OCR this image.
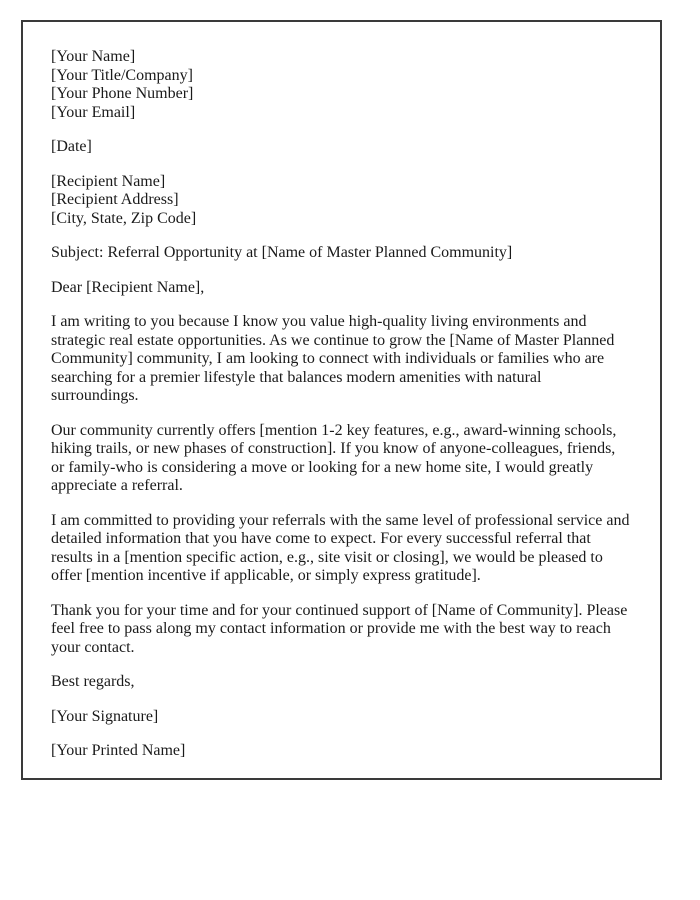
[Your Name]
[Your Title/Company]
[Your Phone Number]
[Your Email]
[Date]
[Recipient Name]
[Recipient Address]
[City, State, Zip Code]
Subject: Referral Opportunity at [Name of Master Planned Community]
Dear [Recipient Name],

I am writing to you because I know you value high-quality living environments and strategic real estate opportunities. As we continue to grow the [Name of Master Planned Community] community, I am looking to connect with individuals or families who are searching for a premier lifestyle that balances modern amenities with natural surroundings.

Our community currently offers [mention 1-2 key features, e.g., award-winning schools, hiking trails, or new phases of construction]. If you know of anyone-colleagues, friends, or family-who is considering a move or looking for a new home site, I would greatly appreciate a referral.

I am committed to providing your referrals with the same level of professional service and detailed information that you have come to expect. For every successful referral that results in a [mention specific action, e.g., site visit or closing], we would be pleased to offer [mention incentive if applicable, or simply express gratitude].

Thank you for your time and for your continued support of [Name of Community]. Please feel free to pass along my contact information or provide me with the best way to reach your contact.

Best regards,
[Your Signature]
[Your Printed Name]
